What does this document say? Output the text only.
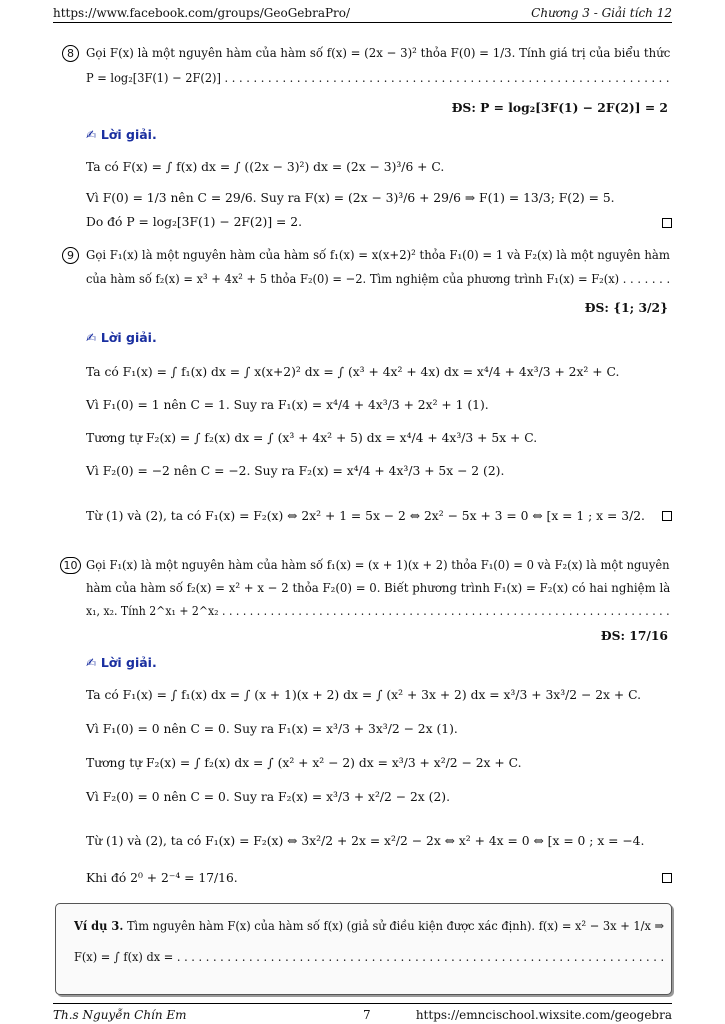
https://www.facebook.com/groups/GeoGebraPro/	Chương 3 - Giải tích 12
8 Gọi F(x) là một nguyên hàm của hàm số f(x) = (2x − 3)² thỏa F(0) = 1/3. Tính giá trị của biểu thức
P = log₂[3F(1) − 2F(2)] . . . . . . . . . . . . . . . . . . . . . . . . . . . . . . . . . . . . . . . . . . . . . . . . . . . . . . . . . . . . . .
ĐS: P = log₂[3F(1) − 2F(2)] = 2
✍ Lời giải.
Ta có F(x) = ∫ f(x) dx = ∫ ((2x − 3)²) dx = (2x − 3)³/6 + C.
Vì F(0) = 1/3 nên C = 29/6. Suy ra F(x) = (2x − 3)³/6 + 29/6 ⇒ F(1) = 13/3; F(2) = 5.
Do đó P = log₂[3F(1) − 2F(2)] = 2.
9 Gọi F₁(x) là một nguyên hàm của hàm số f₁(x) = x(x+2)² thỏa F₁(0) = 1 và F₂(x) là một nguyên hàm
của hàm số f₂(x) = x³ + 4x² + 5 thỏa F₂(0) = −2. Tìm nghiệm của phương trình F₁(x) = F₂(x) . . . . . . .
ĐS: {1; 3/2}
✍ Lời giải.
Ta có F₁(x) = ∫ f₁(x) dx = ∫ x(x+2)² dx = ∫ (x³ + 4x² + 4x) dx = x⁴/4 + 4x³/3 + 2x² + C.
Vì F₁(0) = 1 nên C = 1. Suy ra F₁(x) = x⁴/4 + 4x³/3 + 2x² + 1 (1).
Tương tự F₂(x) = ∫ f₂(x) dx = ∫ (x³ + 4x² + 5) dx = x⁴/4 + 4x³/3 + 5x + C.
Vì F₂(0) = −2 nên C = −2. Suy ra F₂(x) = x⁴/4 + 4x³/3 + 5x − 2 (2).
Từ (1) và (2), ta có F₁(x) = F₂(x) ⇔ 2x² + 1 = 5x − 2 ⇔ 2x² − 5x + 3 = 0 ⇔ [x = 1 ; x = 3/2.
10 Gọi F₁(x) là một nguyên hàm của hàm số f₁(x) = (x + 1)(x + 2) thỏa F₁(0) = 0 và F₂(x) là một nguyên
hàm của hàm số f₂(x) = x² + x − 2 thỏa F₂(0) = 0. Biết phương trình F₁(x) = F₂(x) có hai nghiệm là
x₁, x₂. Tính 2^x₁ + 2^x₂ . . . . . . . . . . . . . . . . . . . . . . . . . . . . . . . . . . . . . . . . . . . . . . . . . . . . . . . . . . . . . . . . .
ĐS: 17/16
✍ Lời giải.
Ta có F₁(x) = ∫ f₁(x) dx = ∫ (x + 1)(x + 2) dx = ∫ (x² + 3x + 2) dx = x³/3 + 3x³/2 − 2x + C.
Vì F₁(0) = 0 nên C = 0. Suy ra F₁(x) = x³/3 + 3x³/2 − 2x (1).
Tương tự F₂(x) = ∫ f₂(x) dx = ∫ (x² + x² − 2) dx = x³/3 + x²/2 − 2x + C.
Vì F₂(0) = 0 nên C = 0. Suy ra F₂(x) = x³/3 + x²/2 − 2x (2).
Từ (1) và (2), ta có F₁(x) = F₂(x) ⇔ 3x²/2 + 2x = x²/2 − 2x ⇔ x² + 4x = 0 ⇔ [x = 0 ; x = −4.
Khi đó 2⁰ + 2⁻⁴ = 17/16.
Ví dụ 3. Tìm nguyên hàm F(x) của hàm số f(x) (giả sử điều kiện được xác định). f(x) = x² − 3x + 1/x ⇒
F(x) = ∫ f(x) dx = . . . . . . . . . . . . . . . . . . . . . . . . . . . . . . . . . . . . . . . . . . . . . . . . . . . . . . . . . . . . . . . . . . . .
Th.s Nguyễn Chín Em	7	https://emncischool.wixsite.com/geogebra
